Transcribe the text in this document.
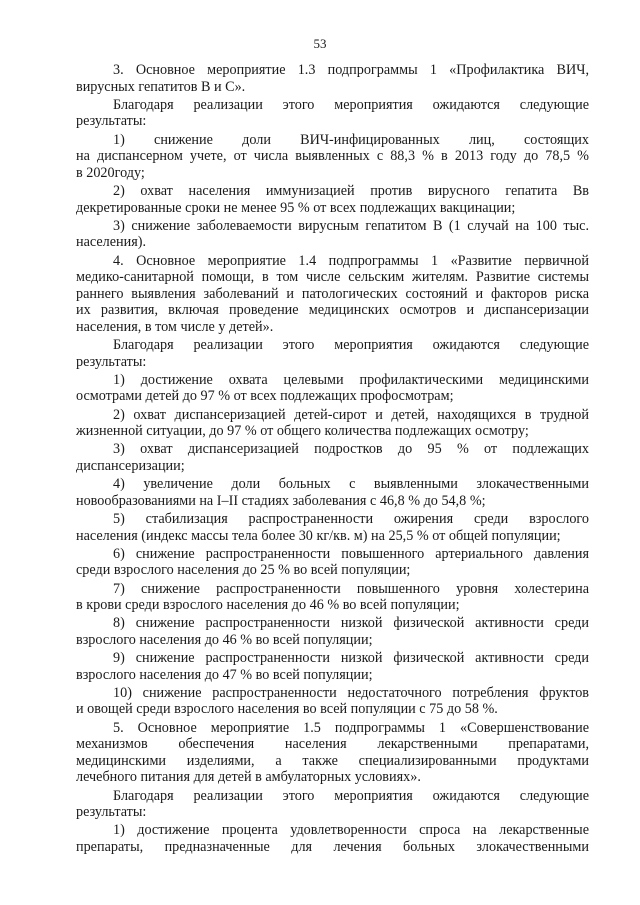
53
3. Основное мероприятие 1.3 подпрограммы 1 «Профилактика ВИЧ,
вирусных гепатитов В и С».
Благодаря реализации этого мероприятия ожидаются следующие
результаты:
1) снижение доли ВИЧ-инфицированных лиц, состоящих
на диспансерном учете, от числа выявленных с 88,3 % в 2013 году до 78,5 %
в 2020году;
2) охват населения иммунизацией против вирусного гепатита Вв
декретированные сроки не менее 95 % от всех подлежащих вакцинации;
3) снижение заболеваемости вирусным гепатитом В (1 случай на 100 тыс.
населения).
4. Основное мероприятие 1.4 подпрограммы 1 «Развитие первичной
медико-санитарной помощи, в том числе сельским жителям. Развитие системы
раннего выявления заболеваний и патологических состояний и факторов риска
их развития, включая проведение медицинских осмотров и диспансеризации
населения, в том числе у детей».
Благодаря реализации этого мероприятия ожидаются следующие
результаты:
1) достижение охвата целевыми профилактическими медицинскими
осмотрами детей до 97 % от всех подлежащих профосмотрам;
2) охват диспансеризацией детей-сирот и детей, находящихся в трудной
жизненной ситуации, до 97 % от общего количества подлежащих осмотру;
3) охват диспансеризацией подростков до 95 % от подлежащих
диспансеризации;
4) увеличение доли больных с выявленными злокачественными
новообразованиями на I–II стадиях заболевания с 46,8 % до 54,8 %;
5) стабилизация распространенности ожирения среди взрослого
населения (индекс массы тела более 30 кг/кв. м) на 25,5 % от общей популяции;
6) снижение распространенности повышенного артериального давления
среди взрослого населения до 25 % во всей популяции;
7) снижение распространенности повышенного уровня холестерина
в крови среди взрослого населения до 46 % во всей популяции;
8) снижение распространенности низкой физической активности среди
взрослого населения до 46 % во всей популяции;
9) снижение распространенности низкой физической активности среди
взрослого населения до 47 % во всей популяции;
10) снижение распространенности недостаточного потребления фруктов
и овощей среди взрослого населения во всей популяции с 75 до 58 %.
5. Основное мероприятие 1.5 подпрограммы 1 «Совершенствование
механизмов обеспечения населения лекарственными препаратами,
медицинскими изделиями, а также специализированными продуктами
лечебного питания для детей в амбулаторных условиях».
Благодаря реализации этого мероприятия ожидаются следующие
результаты:
1) достижение процента удовлетворенности спроса на лекарственные
препараты, предназначенные для лечения больных злокачественными
